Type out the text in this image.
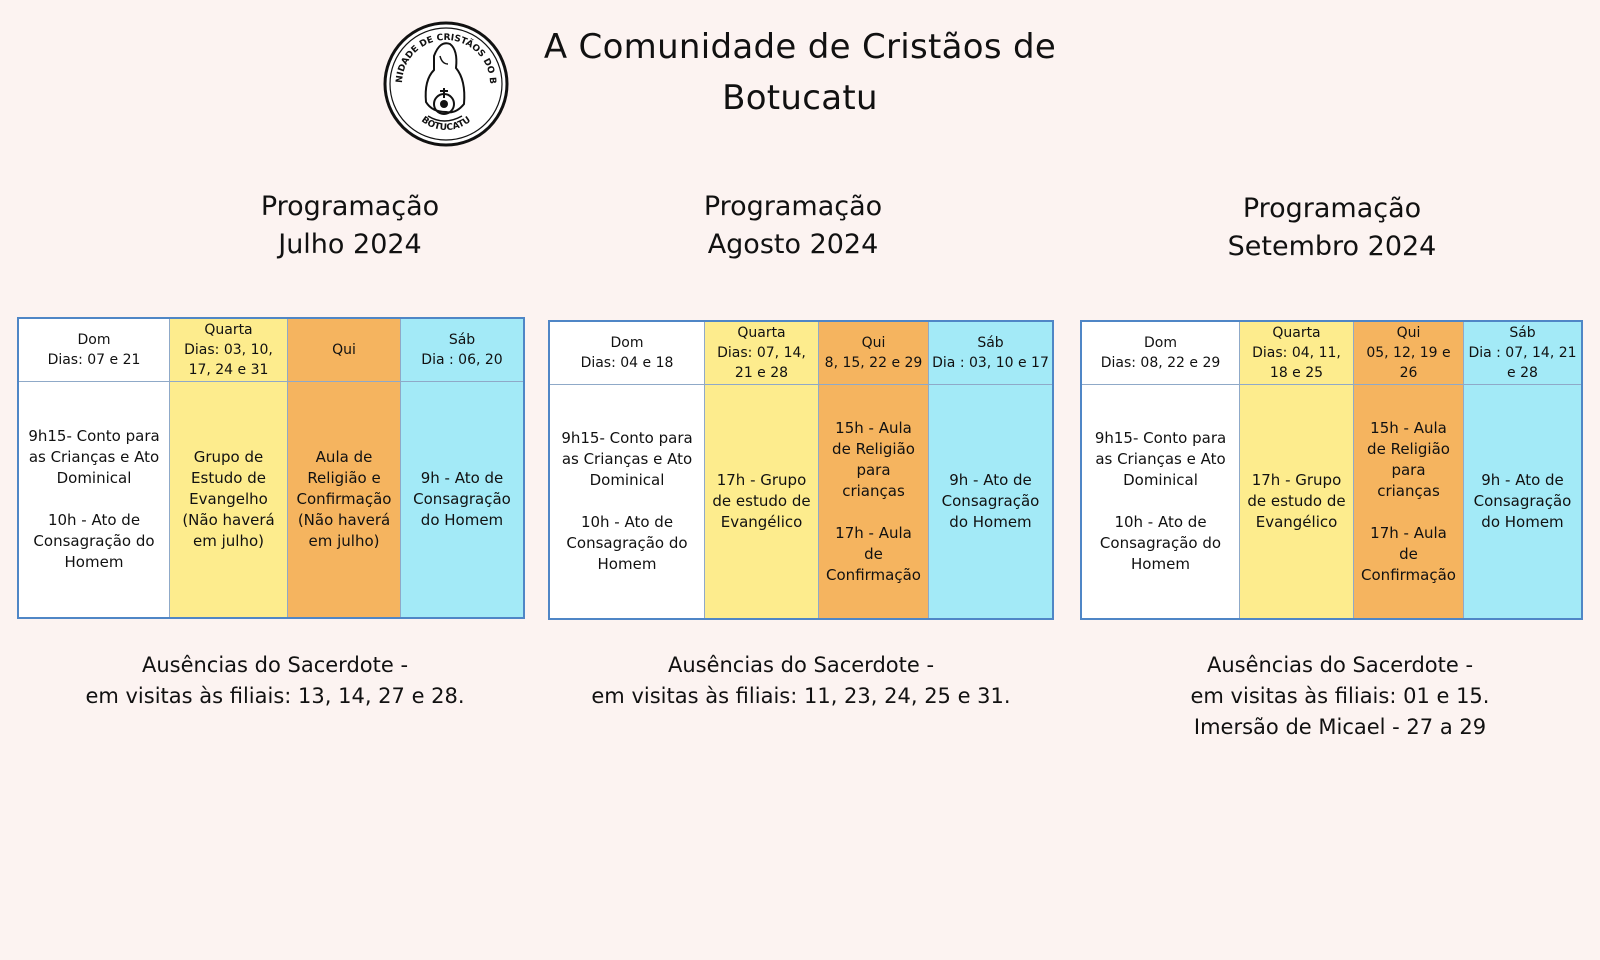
NIDADE DE CRISTÃOS DO B
BOTUCATU
A Comunidade de Cristãos de
Botucatu
Programação
Julho 2024
Dom
Dias: 07 e 21
9h15- Conto para as Crianças e Ato Dominical

10h - Ato de Consagração do Homem
Quarta
Dias: 03, 10, 17, 24 e 31
Grupo de Estudo de Evangelho (Não haverá em julho)
Qui
Aula de Religião e Confirmação (Não haverá em julho)
Sáb
Dia : 06, 20
9h - Ato de Consagração do Homem
Ausências do Sacerdote -
em visitas às filiais: 13, 14, 27 e 28.
Programação
Agosto 2024
Dom
Dias: 04 e 18
9h15- Conto para as Crianças e Ato Dominical

10h - Ato de Consagração do Homem
Quarta
Dias: 07, 14, 21 e 28
17h - Grupo de estudo de Evangélico
Qui
8, 15, 22 e 29
15h - Aula de Religião para crianças

17h - Aula de Confirmação
Sáb
Dia : 03, 10 e 17
9h - Ato de Consagração do Homem
Ausências do Sacerdote -
em visitas às filiais: 11, 23, 24, 25 e 31.
Programação
Setembro 2024
Dom
Dias: 08, 22 e 29
9h15- Conto para as Crianças e Ato Dominical

10h - Ato de Consagração do Homem
Quarta
Dias: 04, 11, 18 e 25
17h - Grupo de estudo de Evangélico
Qui
05, 12, 19 e 26
15h - Aula de Religião para crianças

17h - Aula de Confirmação
Sáb
Dia : 07, 14, 21 e 28
9h - Ato de Consagração do Homem
Ausências do Sacerdote -
em visitas às filiais: 01 e 15.
Imersão de Micael - 27 a 29
